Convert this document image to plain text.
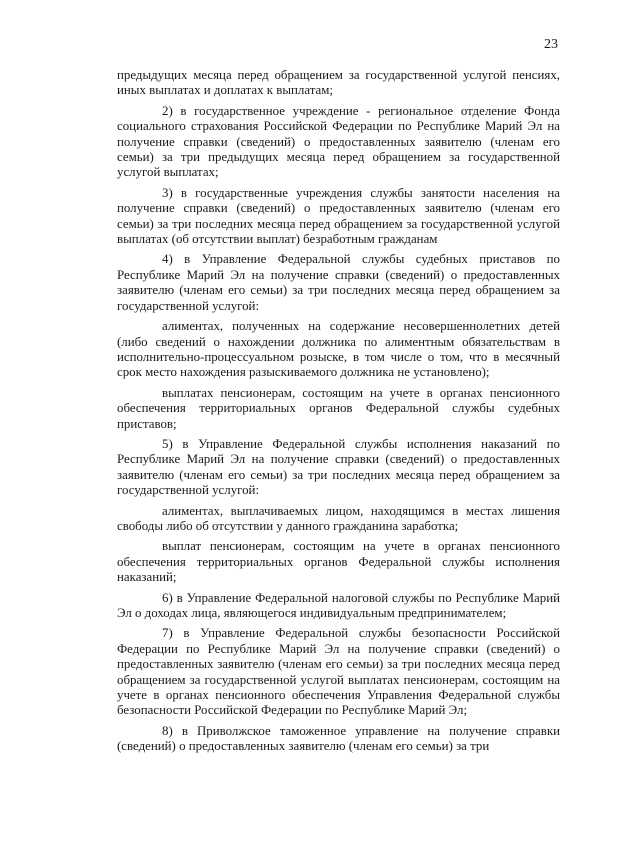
23

предыдущих месяца перед обращением за государственной услугой пенсиях, иных выплатах и доплатах к выплатам;

2) в государственное учреждение - региональное отделение Фонда социального страхования Российской Федерации по Республике Марий Эл на получение справки (сведений) о предоставленных заявителю (членам его семьи) за три предыдущих месяца перед обращением за государственной услугой выплатах;

3) в государственные учреждения службы занятости населения на получение справки (сведений) о предоставленных заявителю (членам его семьи) за три последних месяца перед обращением за государственной услугой выплатах (об отсутствии выплат) безработным гражданам

4) в Управление Федеральной службы судебных приставов по Республике Марий Эл на получение справки (сведений) о предоставленных заявителю (членам его семьи) за три последних месяца перед обращением за государственной услугой:

алиментах, полученных на содержание несовершеннолетних детей (либо сведений о нахождении должника по алиментным обязательствам в исполнительно-процессуальном розыске, в том числе о том, что в месячный срок место нахождения разыскиваемого должника не установлено);

выплатах пенсионерам, состоящим на учете в органах пенсионного обеспечения территориальных органов Федеральной службы судебных приставов;

5) в Управление Федеральной службы исполнения наказаний по Республике Марий Эл на получение справки (сведений) о предоставленных заявителю (членам его семьи) за три последних месяца перед обращением за государственной услугой:

алиментах, выплачиваемых лицом, находящимся в местах лишения свободы либо об отсутствии у данного гражданина заработка;

выплат пенсионерам, состоящим на учете в органах пенсионного обеспечения территориальных органов Федеральной службы исполнения наказаний;

6) в Управление Федеральной налоговой службы по Республике Марий Эл о доходах лица, являющегося индивидуальным предпринимателем;

7) в Управление Федеральной службы безопасности Российской Федерации по Республике Марий Эл на получение справки (сведений) о предоставленных заявителю (членам его семьи) за три последних месяца перед обращением за государственной услугой выплатах пенсионерам, состоящим на учете в органах пенсионного обеспечения Управления Федеральной службы безопасности Российской Федерации по Республике Марий Эл;

8) в Приволжское таможенное управление на получение справки (сведений) о предоставленных заявителю (членам его семьи) за три
